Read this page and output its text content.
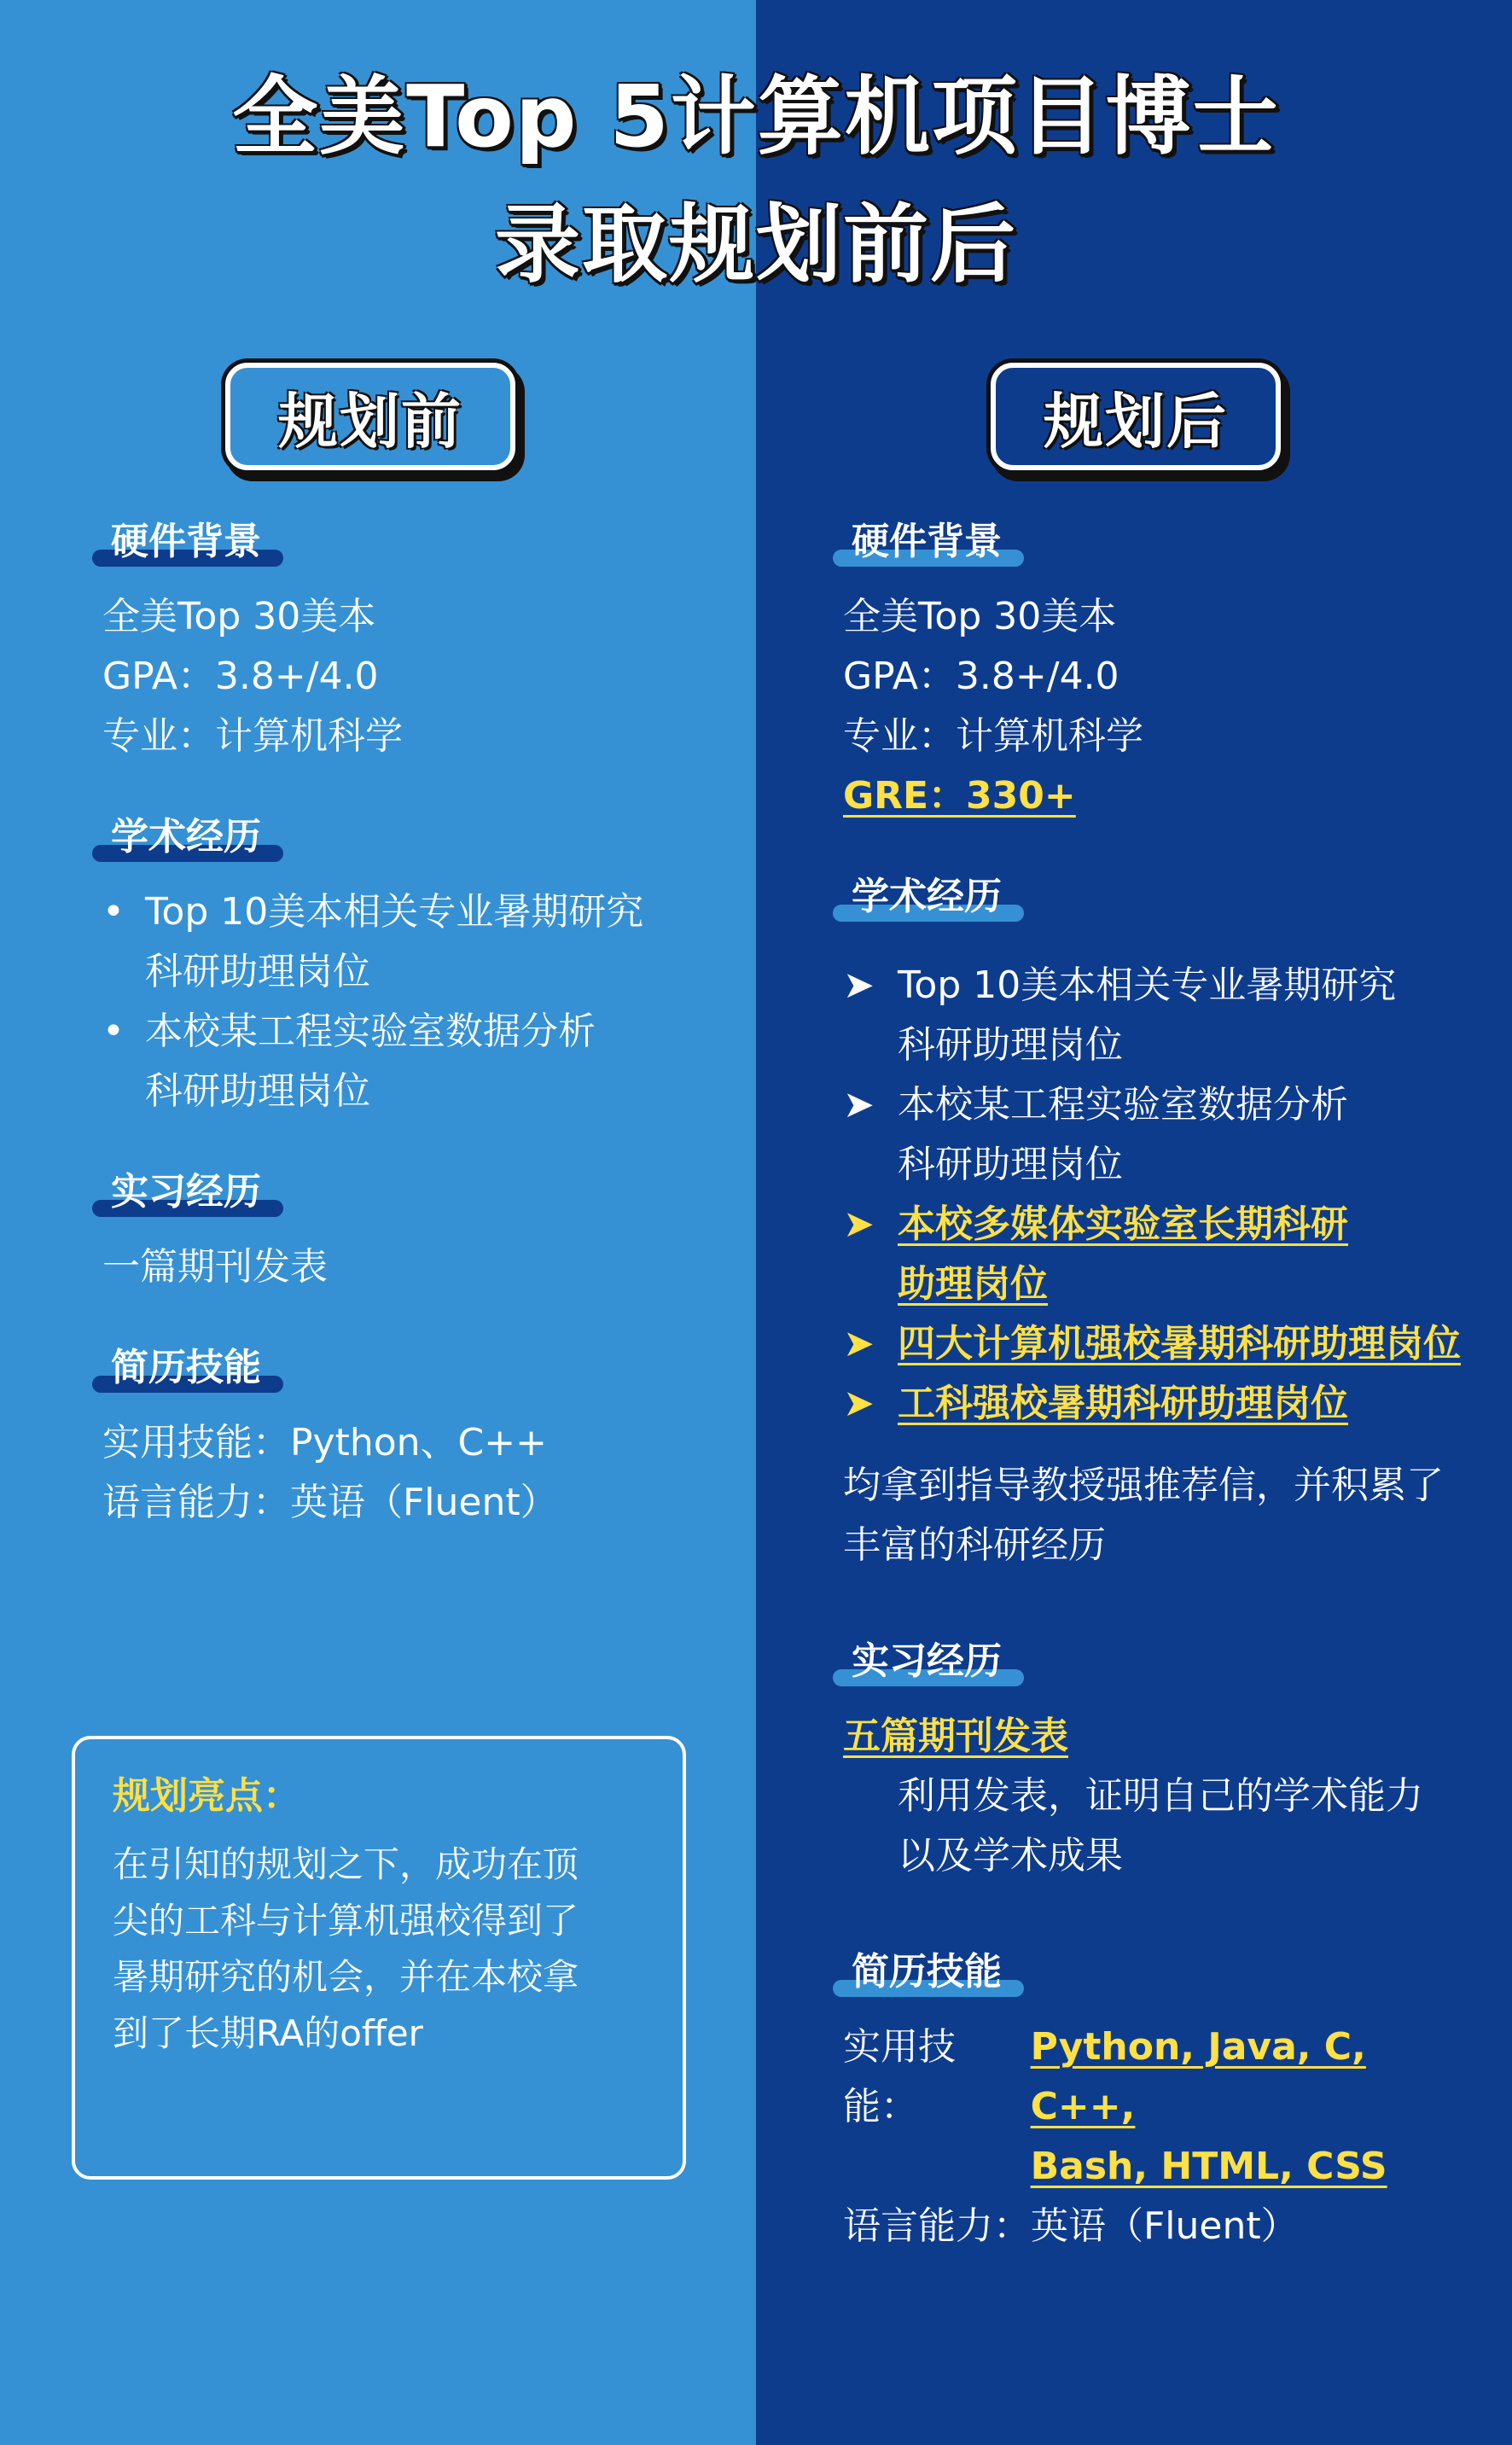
全美Top 5计算机项目博士
录取规划前后
规划前	规划后
硬件背景
全美Top 30美本
GPA：3.8+/4.0
专业：计算机科学
学术经历
• Top 10美本相关专业暑期研究
科研助理岗位
• 本校某工程实验室数据分析
科研助理岗位
实习经历
一篇期刊发表
简历技能
实用技能：Python、C++
语言能力：英语（Fluent）
规划亮点：
在引知的规划之下，成功在顶
尖的工科与计算机强校得到了
暑期研究的机会，并在本校拿
到了长期RA的offer
硬件背景
全美Top 30美本
GPA：3.8+/4.0
专业：计算机科学
GRE：330+
学术经历
➤ Top 10美本相关专业暑期研究
科研助理岗位
➤ 本校某工程实验室数据分析
科研助理岗位
➤ 本校多媒体实验室长期科研
助理岗位
➤ 四大计算机强校暑期科研助理岗位
➤ 工科强校暑期科研助理岗位
均拿到指导教授强推荐信，并积累了
丰富的科研经历
实习经历
五篇期刊发表
利用发表，证明自己的学术能力
以及学术成果
简历技能
实用技能：
Python, Java, C, C++,
Bash, HTML, CSS
语言能力：英语（Fluent）
